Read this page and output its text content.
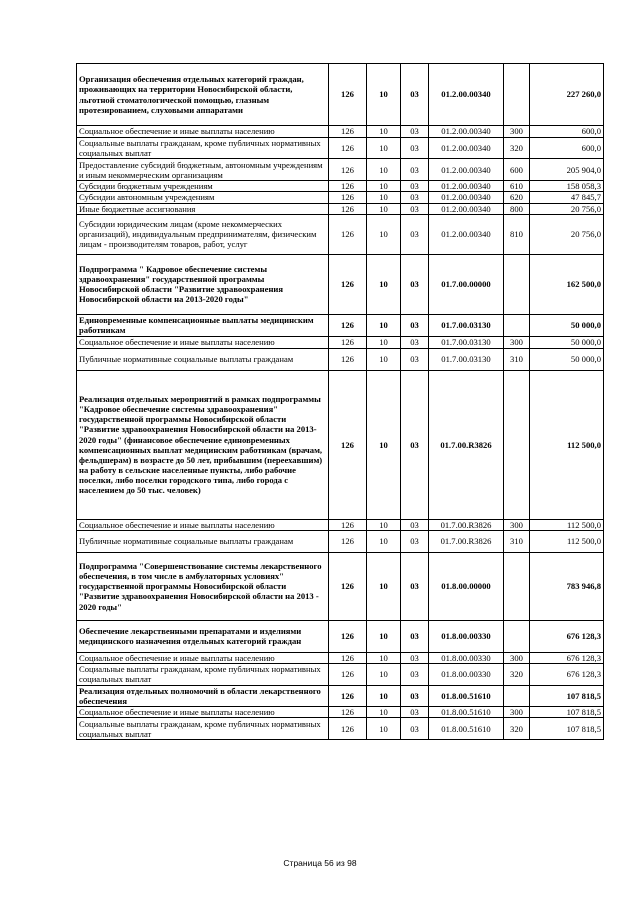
Организация обеспечения отдельных категорий граждан, проживающих на территории Новосибирской области, льготной стоматологической помощью, глазным протезированием, слуховыми аппаратами	126	10	03	01.2.00.00340		227 260,0
Социальное обеспечение и иные выплаты населению	126	10	03	01.2.00.00340	300	600,0
Социальные выплаты гражданам, кроме публичных нормативных социальных выплат	126	10	03	01.2.00.00340	320	600,0
Предоставление субсидий бюджетным, автономным учреждениям и иным некоммерческим организациям	126	10	03	01.2.00.00340	600	205 904,0
Субсидии бюджетным учреждениям	126	10	03	01.2.00.00340	610	158 058,3
Субсидии автономным учреждениям	126	10	03	01.2.00.00340	620	47 845,7
Иные бюджетные ассигнования	126	10	03	01.2.00.00340	800	20 756,0
Субсидии юридическим лицам (кроме некоммерческих организаций), индивидуальным предпринимателям, физическим лицам - производителям товаров, работ, услуг	126	10	03	01.2.00.00340	810	20 756,0
Подпрограмма " Кадровое обеспечение системы здравоохранения" государственной программы Новосибирской области "Развитие здравоохранения Новосибирской области на 2013-2020 годы"	126	10	03	01.7.00.00000		162 500,0
Единовременные компенсационные выплаты медицинским работникам	126	10	03	01.7.00.03130		50 000,0
Социальное обеспечение и иные выплаты населению	126	10	03	01.7.00.03130	300	50 000,0
Публичные нормативные социальные выплаты гражданам	126	10	03	01.7.00.03130	310	50 000,0
Реализация отдельных мероприятий в рамках подпрограммы "Кадровое обеспечение системы здравоохранения" государственной программы Новосибирской области "Развитие здравоохранения Новосибирской области на 2013-2020 годы" (финансовое обеспечение единовременных компенсационных выплат медицинским работникам (врачам, фельдшерам) в возрасте до 50 лет, прибывшим (переехавшим) на работу в сельские населенные пункты, либо рабочие поселки, либо поселки городского типа, либо города с населением до 50 тыс. человек)	126	10	03	01.7.00.R3826		112 500,0
Социальное обеспечение и иные выплаты населению	126	10	03	01.7.00.R3826	300	112 500,0
Публичные нормативные социальные выплаты гражданам	126	10	03	01.7.00.R3826	310	112 500,0
Подпрограмма "Совершенствование системы лекарственного обеспечения, в том числе в амбулаторных условиях" государственной программы Новосибирской области "Развитие здравоохранения Новосибирской области на 2013 - 2020 годы"	126	10	03	01.8.00.00000		783 946,8
Обеспечение лекарственными препаратами и изделиями медицинского назначения отдельных категорий граждан	126	10	03	01.8.00.00330		676 128,3
Социальное обеспечение и иные выплаты населению	126	10	03	01.8.00.00330	300	676 128,3
Социальные выплаты гражданам, кроме публичных нормативных социальных выплат	126	10	03	01.8.00.00330	320	676 128,3
Реализация отдельных полномочий в области лекарственного обеспечения	126	10	03	01.8.00.51610		107 818,5
Социальное обеспечение и иные выплаты населению	126	10	03	01.8.00.51610	300	107 818,5
Социальные выплаты гражданам, кроме публичных нормативных социальных выплат	126	10	03	01.8.00.51610	320	107 818,5
Страница 56 из 98
